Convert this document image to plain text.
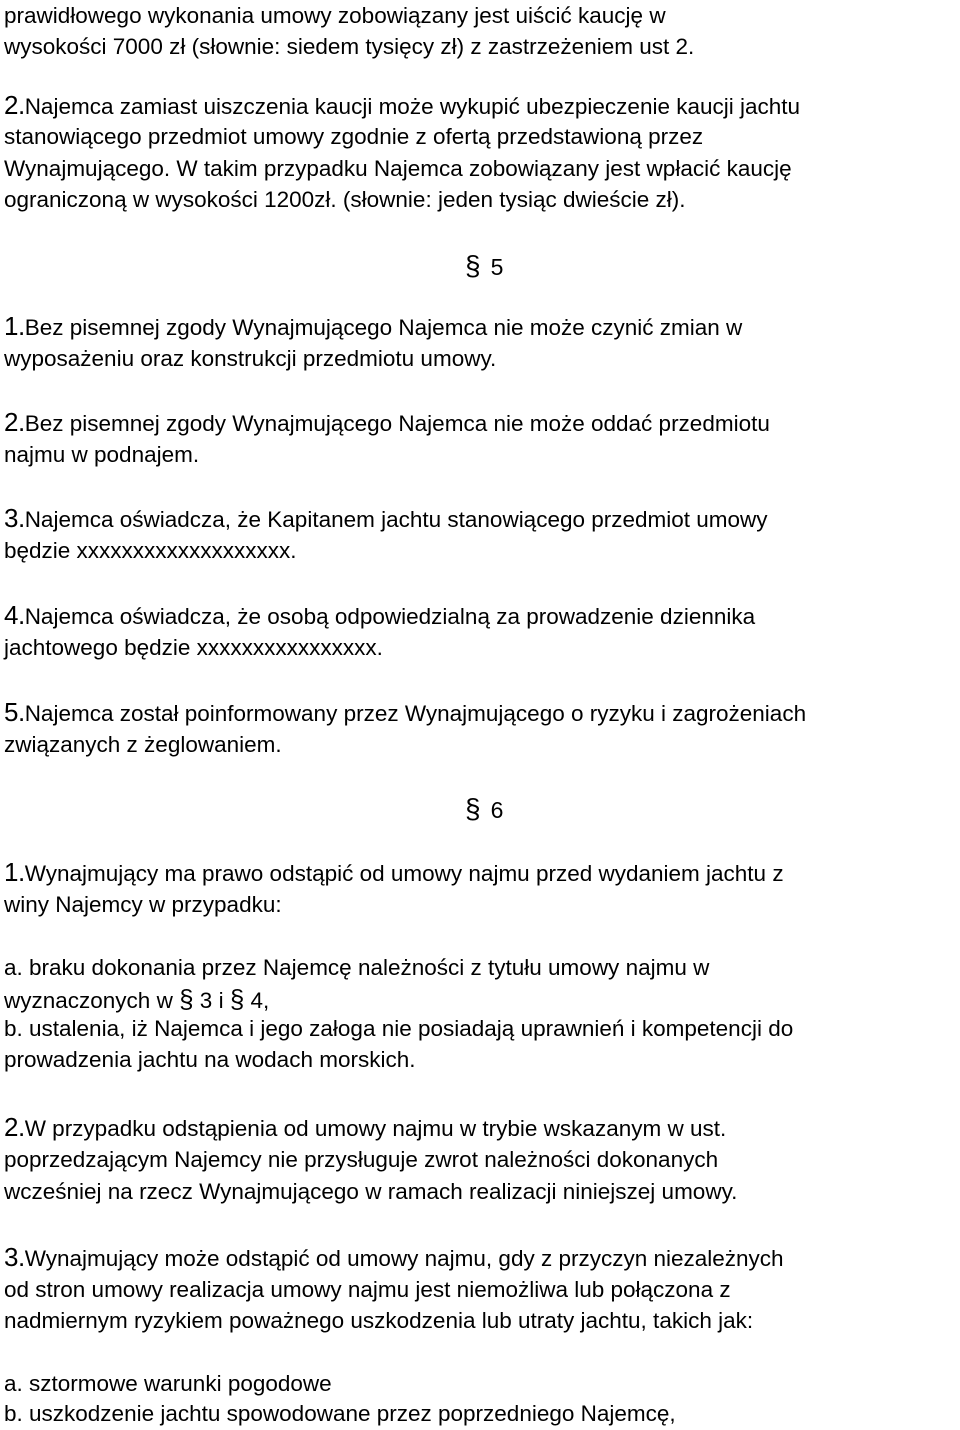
prawidłowego wykonania umowy zobowiązany jest uiścić kaucję w
wysokości 7000 zł (słownie: siedem tysięcy zł) z zastrzeżeniem ust 2.
2.Najemca zamiast uiszczenia kaucji może wykupić ubezpieczenie kaucji jachtu
stanowiącego przedmiot umowy zgodnie z ofertą przedstawioną przez
Wynajmującego. W takim przypadku Najemca zobowiązany jest wpłacić kaucję
ograniczoną w wysokości 1200zł. (słownie: jeden tysiąc dwieście zł).
§ 5
1.Bez pisemnej zgody Wynajmującego Najemca nie może czynić zmian w
wyposażeniu oraz konstrukcji przedmiotu umowy.
2.Bez pisemnej zgody Wynajmującego Najemca nie może oddać przedmiotu
najmu w podnajem.
3.Najemca oświadcza, że Kapitanem jachtu stanowiącego przedmiot umowy
będzie xxxxxxxxxxxxxxxxxxx.
4.Najemca oświadcza, że osobą odpowiedzialną za prowadzenie dziennika
jachtowego będzie xxxxxxxxxxxxxxxx.
5.Najemca został poinformowany przez Wynajmującego o ryzyku i zagrożeniach
związanych z żeglowaniem.
§ 6
1.Wynajmujący ma prawo odstąpić od umowy najmu przed wydaniem jachtu z
winy Najemcy w przypadku:
a. braku dokonania przez Najemcę należności z tytułu umowy najmu w
wyznaczonych w § 3 i § 4,
b. ustalenia, iż Najemca i jego załoga nie posiadają uprawnień i kompetencji do
prowadzenia jachtu na wodach morskich.
2.W przypadku odstąpienia od umowy najmu w trybie wskazanym w ust.
poprzedzającym Najemcy nie przysługuje zwrot należności dokonanych
wcześniej na rzecz Wynajmującego w ramach realizacji niniejszej umowy.
3.Wynajmujący może odstąpić od umowy najmu, gdy z przyczyn niezależnych
od stron umowy realizacja umowy najmu jest niemożliwa lub połączona z
nadmiernym ryzykiem poważnego uszkodzenia lub utraty jachtu, takich jak:
a. sztormowe warunki pogodowe
b. uszkodzenie jachtu spowodowane przez poprzedniego Najemcę,
